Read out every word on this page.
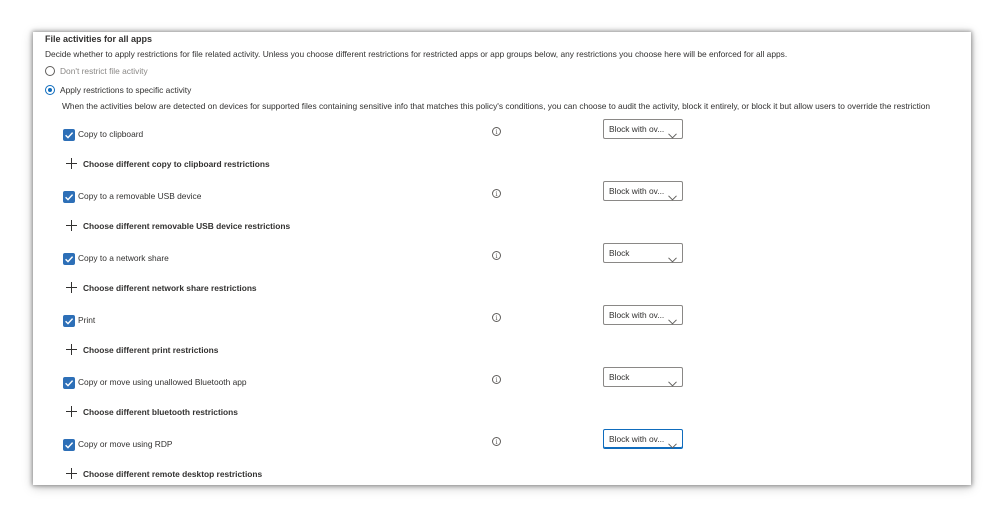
File activities for all apps
Decide whether to apply restrictions for file related activity. Unless you choose different restrictions for restricted apps or app groups below, any restrictions you choose here will be enforced for all apps.
Don't restrict file activity
Apply restrictions to specific activity
When the activities below are detected on devices for supported files containing sensitive info that matches this policy's conditions, you can choose to audit the activity, block it entirely, or block it but allow users to override the restriction
Copy to clipboard	i	Block with ov...
Choose different copy to clipboard restrictions
Copy to a removable USB device	i	Block with ov...
Choose different removable USB device restrictions
Copy to a network share	i	Block
Choose different network share restrictions
Print	i	Block with ov...
Choose different print restrictions
Copy or move using unallowed Bluetooth app	i	Block
Choose different bluetooth restrictions
Copy or move using RDP	i	Block with ov...
Choose different remote desktop restrictions
